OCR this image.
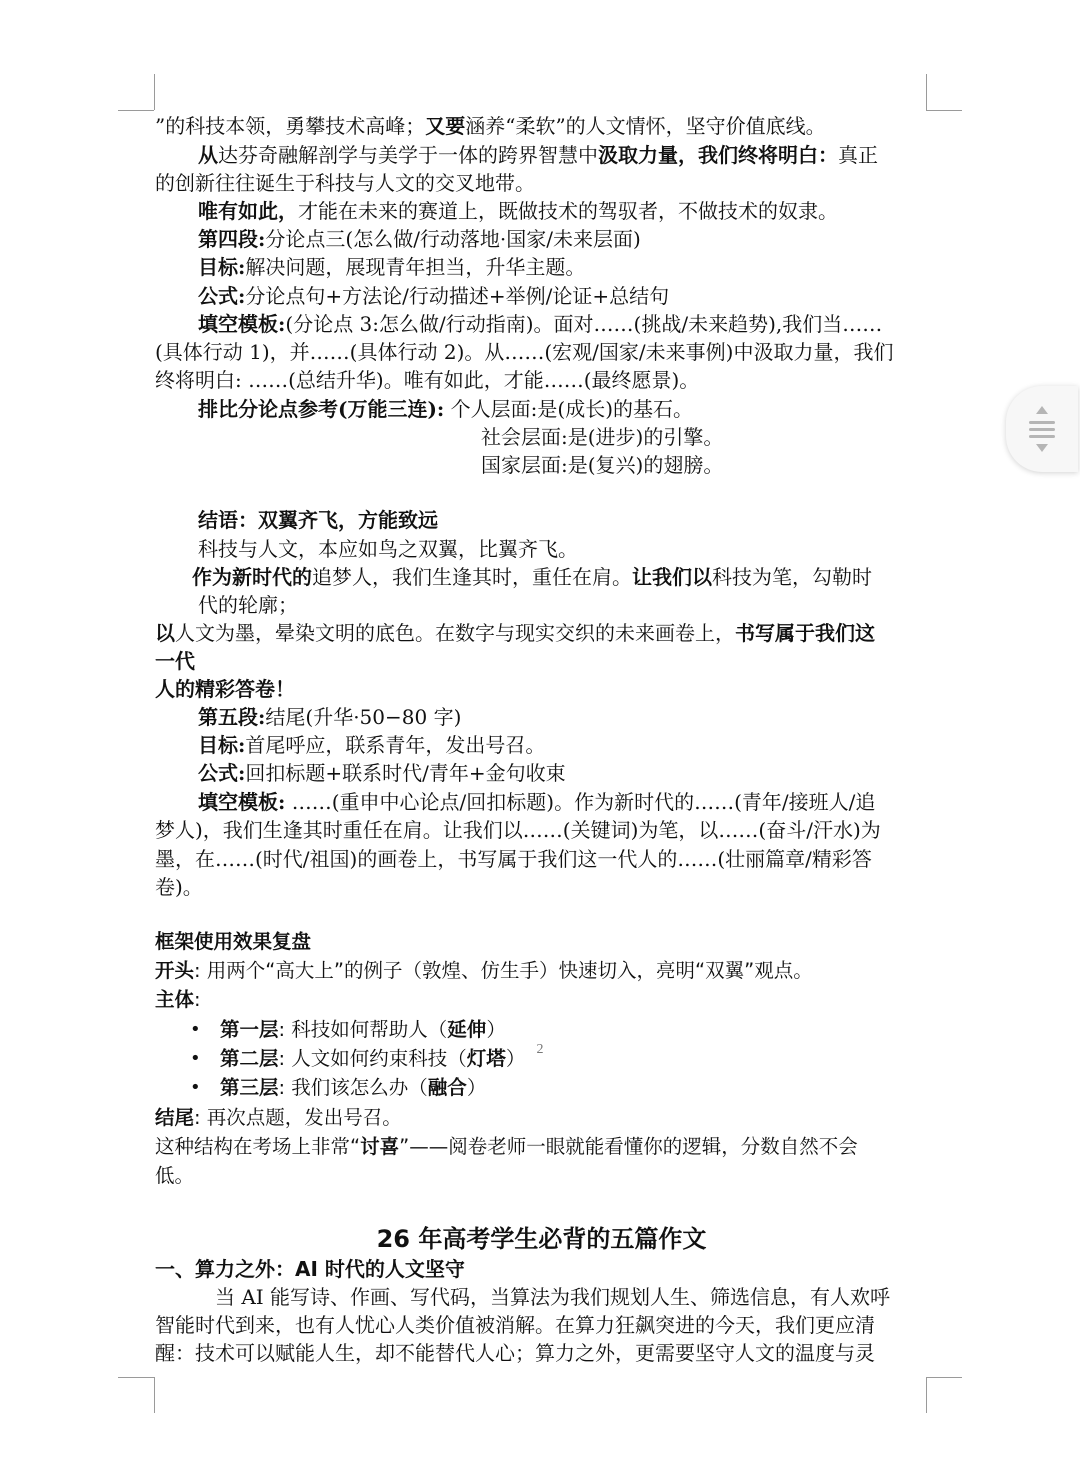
”的科技本领，勇攀技术高峰；又要涵养“柔软”的人文情怀，坚守价值底线。
从达芬奇融解剖学与美学于一体的跨界智慧中汲取力量，我们终将明白：真正
的创新往往诞生于科技与人文的交叉地带。
唯有如此，才能在未来的赛道上，既做技术的驾驭者，不做技术的奴隶。
第四段:分论点三(怎么做/行动落地·国家/未来层面)
目标:解决问题，展现青年担当，升华主题。
公式:分论点句+方法论/行动描述+举例/论证+总结句
填空模板:(分论点 3:怎么做/行动指南)。面对……(挑战/未来趋势),我们当……
(具体行动 1)，并……(具体行动 2)。从……(宏观/国家/未来事例)中汲取力量，我们
终将明白: ……(总结升华)。唯有如此，才能……(最终愿景)。
排比分论点参考(万能三连): 个人层面:是(成长)的基石。
社会层面:是(进步)的引擎。
国家层面:是(复兴)的翅膀。
结语：双翼齐飞，方能致远
科技与人文，本应如鸟之双翼，比翼齐飞。
作为新时代的追梦人，我们生逢其时，重任在肩。让我们以科技为笔，勾勒时
代的轮廓；
以人文为墨，晕染文明的底色。在数字与现实交织的未来画卷上，书写属于我们这
一代
人的精彩答卷！
第五段:结尾(升华·50−80 字)
目标:首尾呼应，联系青年，发出号召。
公式:回扣标题+联系时代/青年+金句收束
填空模板: ……(重申中心论点/回扣标题)。作为新时代的……(青年/接班人/追
梦人)，我们生逢其时重任在肩。让我们以……(关键词)为笔，以……(奋斗/汗水)为
墨，在……(时代/祖国)的画卷上，书写属于我们这一代人的……(壮丽篇章/精彩答
卷)。
框架使用效果复盘
开头: 用两个“高大上”的例子（敦煌、仿生手）快速切入，亮明“双翼”观点。
主体:
• 第一层: 科技如何帮助人（延伸）
• 第二层: 人文如何约束科技（灯塔）
• 第三层: 我们该怎么办（融合）
结尾: 再次点题，发出号召。
这种结构在考场上非常“讨喜”——阅卷老师一眼就能看懂你的逻辑，分数自然不会
低。
26 年高考学生必背的五篇作文
一、算力之外：AI 时代的人文坚守
当 AI 能写诗、作画、写代码，当算法为我们规划人生、筛选信息，有人欢呼
智能时代到来，也有人忧心人类价值被消解。在算力狂飙突进的今天，我们更应清
醒：技术可以赋能人生，却不能替代人心；算力之外，更需要坚守人文的温度与灵
2
